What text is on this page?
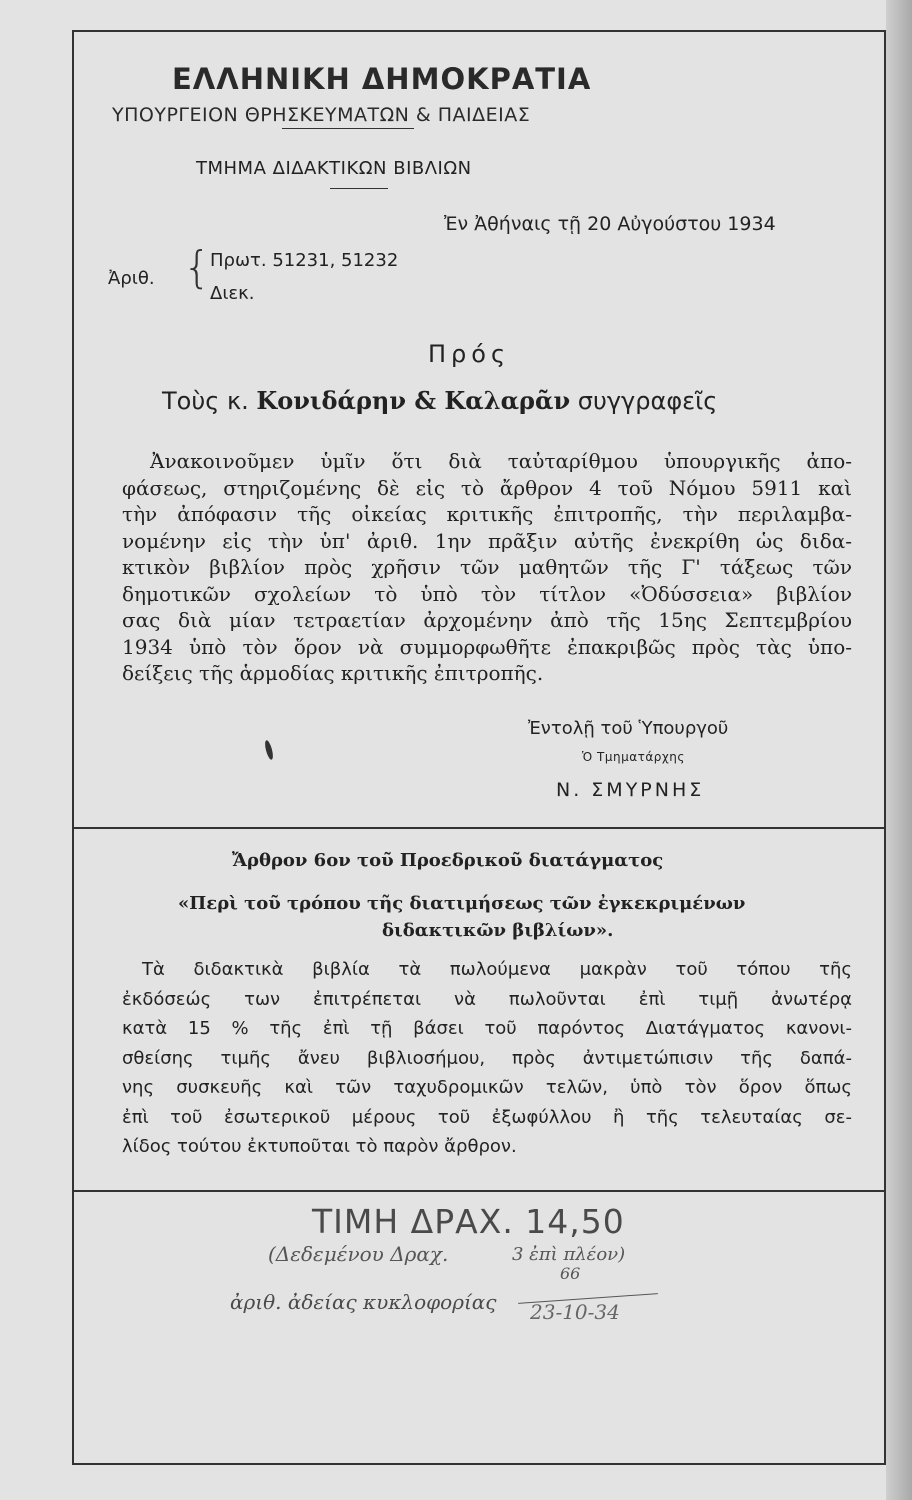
ΕΛΛΗΝΙΚΗ ΔΗΜΟΚΡΑΤΙΑ
ΥΠΟΥΡΓΕΙΟΝ ΘΡΗΣΚΕΥΜΑΤΩΝ & ΠΑΙΔΕΙΑΣ
ΤΜΗΜΑ ΔΙΔΑΚΤΙΚΩΝ ΒΙΒΛΙΩΝ
Ἐν Ἀθήναις τῇ 20 Αὐγούστου 1934
Ἀριθ. { Πρωτ. 51231, 51232
Διεκ.
Πρός
Τοὺς κ. Κονιδάρην & Καλαρᾶν συγγραφεῖς
Ἀνακοινοῦμεν ὑμῖν ὅτι διὰ ταὐταρίθμου ὑπουργικῆς ἀπο-
φάσεως, στηριζομένης δὲ εἰς τὸ ἄρθρον 4 τοῦ Νόμου 5911 καὶ
τὴν ἀπόφασιν τῆς οἰκείας κριτικῆς ἐπιτροπῆς, τὴν περιλαμβα-
νομένην εἰς τὴν ὑπ' ἀριθ. 1ην πρᾶξιν αὐτῆς ἐνεκρίθη ὡς διδα-
κτικὸν βιβλίον πρὸς χρῆσιν τῶν μαθητῶν τῆς Γ' τάξεως τῶν
δημοτικῶν σχολείων τὸ ὑπὸ τὸν τίτλον «Ὀδύσσεια» βιβλίον
σας διὰ μίαν τετραετίαν ἀρχομένην ἀπὸ τῆς 15ης Σεπτεμβρίου
1934 ὑπὸ τὸν ὅρον νὰ συμμορφωθῆτε ἐπακριβῶς πρὸς τὰς ὑπο-
δείξεις τῆς ἁρμοδίας κριτικῆς ἐπιτροπῆς.
Ἐντολῇ τοῦ Ὑπουργοῦ
Ὁ Τμηματάρχης
Ν. ΣΜΥΡΝΗΣ
Ἄρθρον 6ον τοῦ Προεδρικοῦ διατάγματος
«Περὶ τοῦ τρόπου τῆς διατιμήσεως τῶν ἐγκεκριμένων
διδακτικῶν βιβλίων».
Τὰ διδακτικὰ βιβλία τὰ πωλούμενα μακρὰν τοῦ τόπου τῆς
ἐκδόσεώς των ἐπιτρέπεται νὰ πωλοῦνται ἐπὶ τιμῇ ἀνωτέρᾳ
κατὰ 15 % τῆς ἐπὶ τῇ βάσει τοῦ παρόντος Διατάγματος κανονι-
σθείσης τιμῆς ἄνευ βιβλιοσήμου, πρὸς ἀντιμετώπισιν τῆς δαπά-
νης συσκευῆς καὶ τῶν ταχυδρομικῶν τελῶν, ὑπὸ τὸν ὅρον ὅπως
ἐπὶ τοῦ ἐσωτερικοῦ μέρους τοῦ ἐξωφύλλου ἢ τῆς τελευταίας σε-
λίδος τούτου ἐκτυποῦται τὸ παρὸν ἄρθρον.
ΤΙΜΗ ΔΡΑΧ. 14,50
(Δεδεμένου Δραχ.	3 ἐπὶ πλέον)
66
ἀριθ. ἀδείας κυκλοφορίας 23-10-34
